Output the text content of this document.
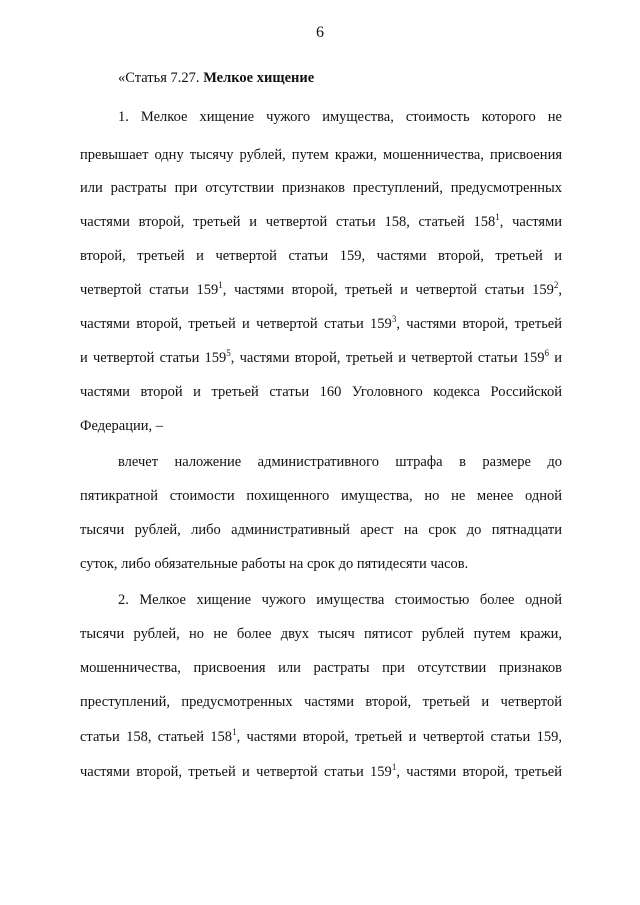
6
«Статья 7.27. Мелкое хищение
1. Мелкое хищение чужого имущества, стоимость которого не
превышает одну тысячу рублей, путем кражи, мошенничества, присвоения
или растраты при отсутствии признаков преступлений, предусмотренных
частями второй, третьей и четвертой статьи 158, статьей $158^1$, частями
второй, третьей и четвертой статьи 159, частями второй, третьей и
четвертой статьи $159^1$, частями второй, третьей и четвертой статьи $159^2$,
частями второй, третьей и четвертой статьи $159^3$, частями второй, третьей
и четвертой статьи $159^5$, частями второй, третьей и четвертой статьи $159^6$ и
частями второй и третьей статьи 160 Уголовного кодекса Российской
Федерации, –
влечет наложение административного штрафа в размере до
пятикратной стоимости похищенного имущества, но не менее одной
тысячи рублей, либо административный арест на срок до пятнадцати
суток, либо обязательные работы на срок до пятидесяти часов.
2. Мелкое хищение чужого имущества стоимостью более одной
тысячи рублей, но не более двух тысяч пятисот рублей путем кражи,
мошенничества, присвоения или растраты при отсутствии признаков
преступлений, предусмотренных частями второй, третьей и четвертой
статьи 158, статьей $158^1$, частями второй, третьей и четвертой статьи 159,
частями второй, третьей и четвертой статьи $159^1$, частями второй, третьей
